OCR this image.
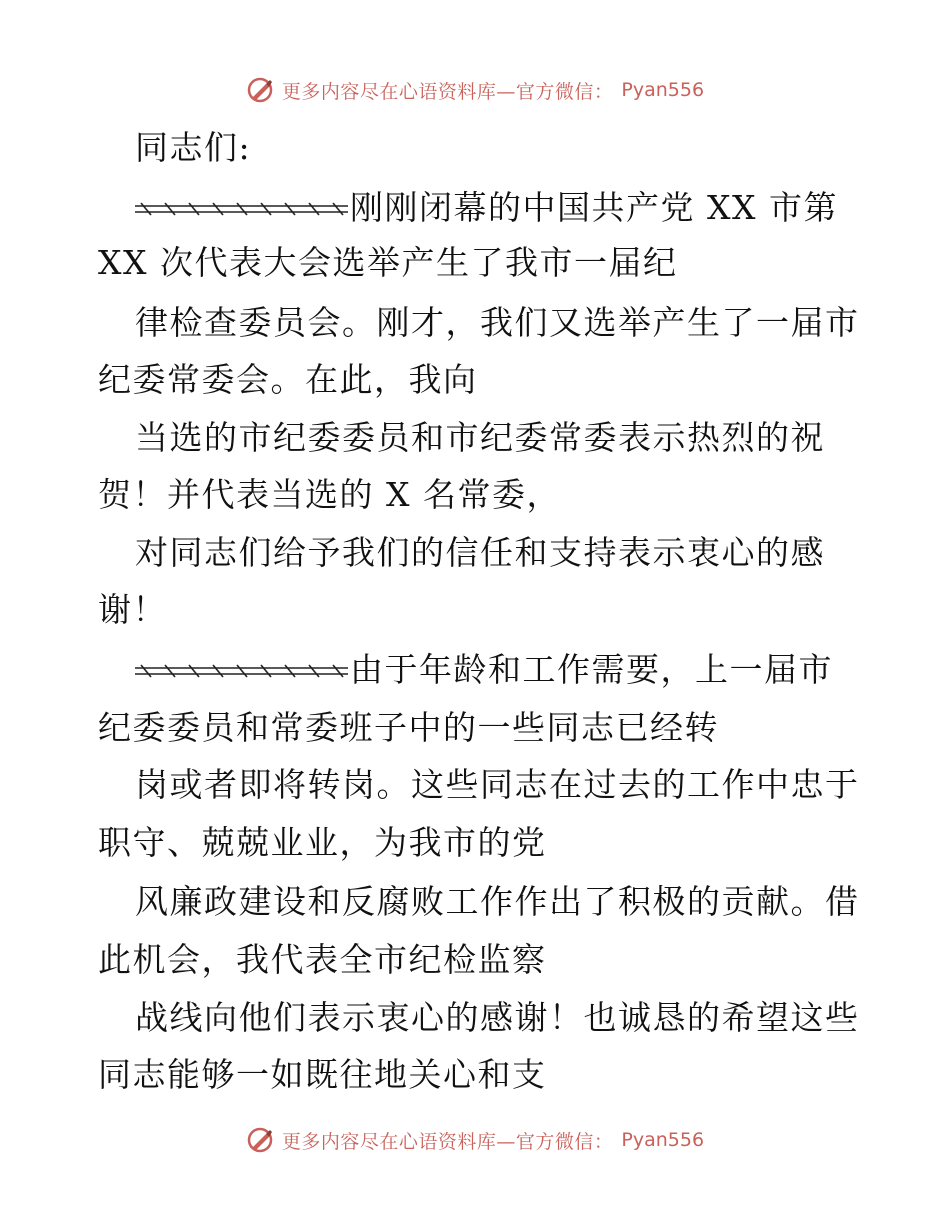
更多内容尽在心语资料库—官方微信： Pyan556
同志们:
刚刚闭幕的中国共产党 XX 市第
XX 次代表大会选举产生了我市一届纪
律检查委员会。刚才，我们又选举产生了一届市
纪委常委会。在此，我向
当选的市纪委委员和市纪委常委表示热烈的祝
贺！并代表当选的 X 名常委，
对同志们给予我们的信任和支持表示衷心的感
谢！
由于年龄和工作需要，上一届市
纪委委员和常委班子中的一些同志已经转
岗或者即将转岗。这些同志在过去的工作中忠于
职守、兢兢业业，为我市的党
风廉政建设和反腐败工作作出了积极的贡献。借
此机会，我代表全市纪检监察
战线向他们表示衷心的感谢！也诚恳的希望这些
同志能够一如既往地关心和支
更多内容尽在心语资料库—官方微信： Pyan556
